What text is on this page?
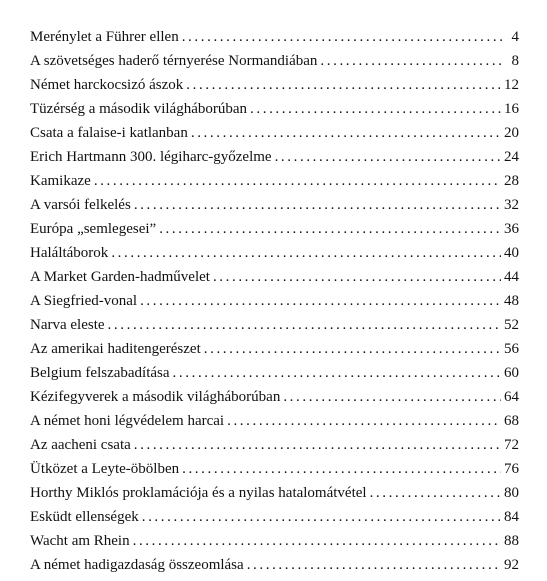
Merénylet a Führer ellen .....	4
A szövetséges haderő térnyerése Normandiában .....	8
Német harckocsizó ászok .....	12
Tüzérség a második világháborúban .....	16
Csata a falaise-i katlanban .....	20
Erich Hartmann 300. légiharc-győzelme .....	24
Kamikaze .....	28
A varsói felkelés .....	32
Európa „semlegesei” .....	36
Haláltáborok .....	40
A Market Garden-hadművelet .....	44
A Siegfried-vonal .....	48
Narva eleste .....	52
Az amerikai haditengerészet .....	56
Belgium felszabadítása .....	60
Kézifegyverek a második világháborúban .....	64
A német honi légvédelem harcai .....	68
Az aacheni csata .....	72
Ütközet a Leyte-öbölben .....	76
Horthy Miklós proklamációja és a nyilas hatalomátvétel .....	80
Esküdt ellenségek .....	84
Wacht am Rhein .....	88
A német hadigazdaság összeomlása .....	92
